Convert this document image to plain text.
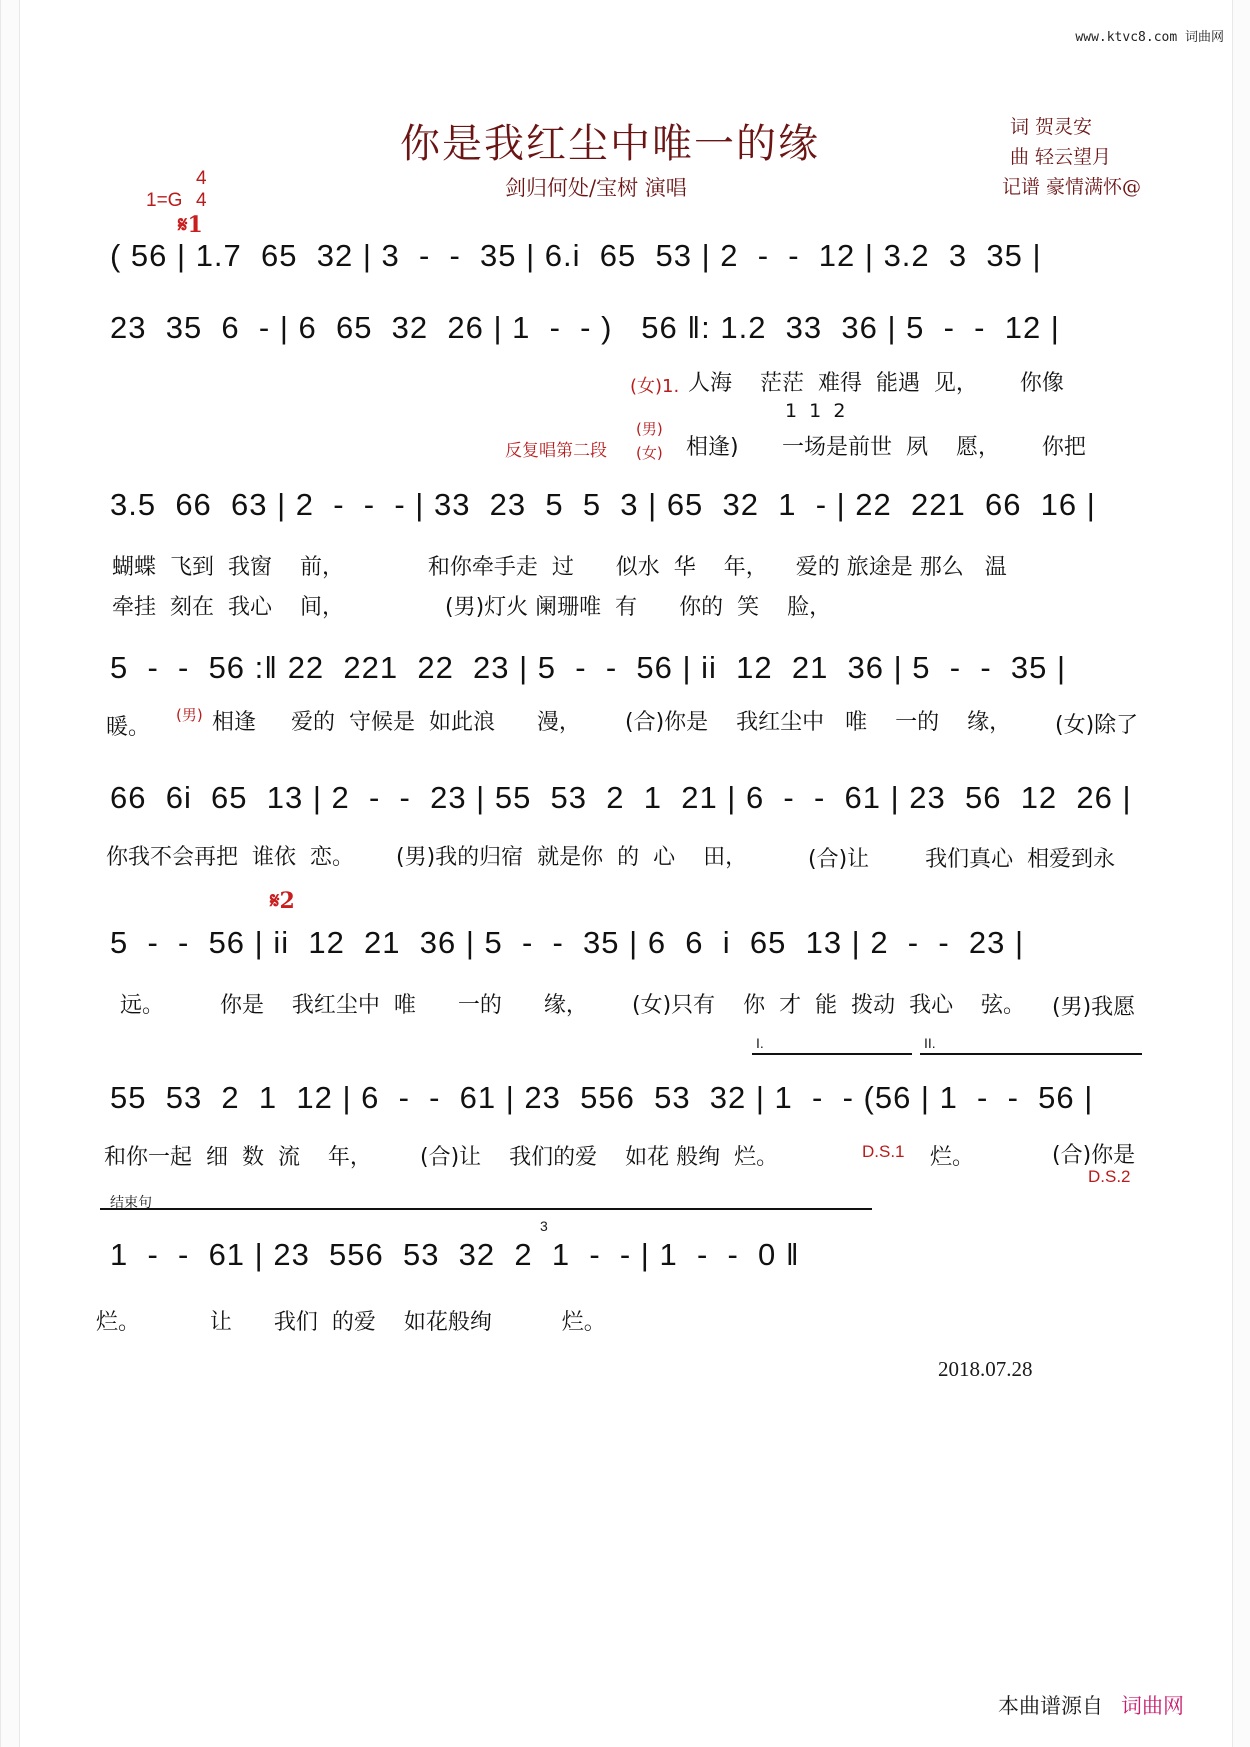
www.ktvc8.com 词曲网
你是我红尘中唯一的缘
剑归何处/宝树 演唱
词 贺灵安
曲 轻云望月
记谱 豪情满怀@
1=G
4
4
𝄋1
𝄋2
( 56 | 1.7  65  32 | 3  -  -  35 | 6.i  65  53 | 2  -  -  12 | 3.2  3  35 |
23  35  6  - | 6  65  32  26 | 1  -  - )   56 ‖: 1.2  33  36 | 5  -  -  12 |
3.5  66  63 | 2  -  -  - | 33  23  5  5  3 | 65  32  1  - | 22  221  66  16 |
5  -  -  56 :‖ 22  221  22  23 | 5  -  -  56 | ii  12  21  36 | 5  -  -  35 |
66  6i  65  13 | 2  -  -  23 | 55  53  2  1  21 | 6  -  -  61 | 23  56  12  26 |
5  -  -  56 | ii  12  21  36 | 5  -  -  35 | 6  6  i  65  13 | 2  -  -  23 |
55  53  2  1  12 | 6  -  -  61 | 23  556  53  32 | 1  -  - (56 | 1  -  -  56 |
1  -  -  61 | 23  556  53  32  2  1  -  - | 1  -  -  0 ‖
(女)1. 人海    茫茫  难得  能遇  见，      你像
反复唱第二段
(男)
(女) 相逢)
1  1  2
一场是前世  夙    愿，      你把
蝴蝶  飞到  我窗    前，            和你牵手走  过      似水  华    年，    爱的 旅途是 那么   温
牵挂  刻在  我心    间，	(男)灯火 阑珊唯  有      你的  笑    脸，
暖。 (男) 相逢     爱的  守候是  如此浪      漫， (合)你是    我红尘中   唯    一的    缘， (女)除了
你我不会再把  谁依  恋。 (男)我的归宿  就是你  的  心    田，	(合)让        我们真心  相爱到永
远。        你是    我红尘中  唯      一的      缘， (女)只有    你  才  能  拨动  我心    弦。 (男)我愿
I.	II.
和你一起  细  数  流    年， (合)让    我们的爱    如花 般绚  烂。	D.S.1 烂。	(合)你是
D.S.2
结束句
3
烂。          让      我们  的爱    如花般绚          烂。
2018.07.28
本曲谱源自 词曲网
